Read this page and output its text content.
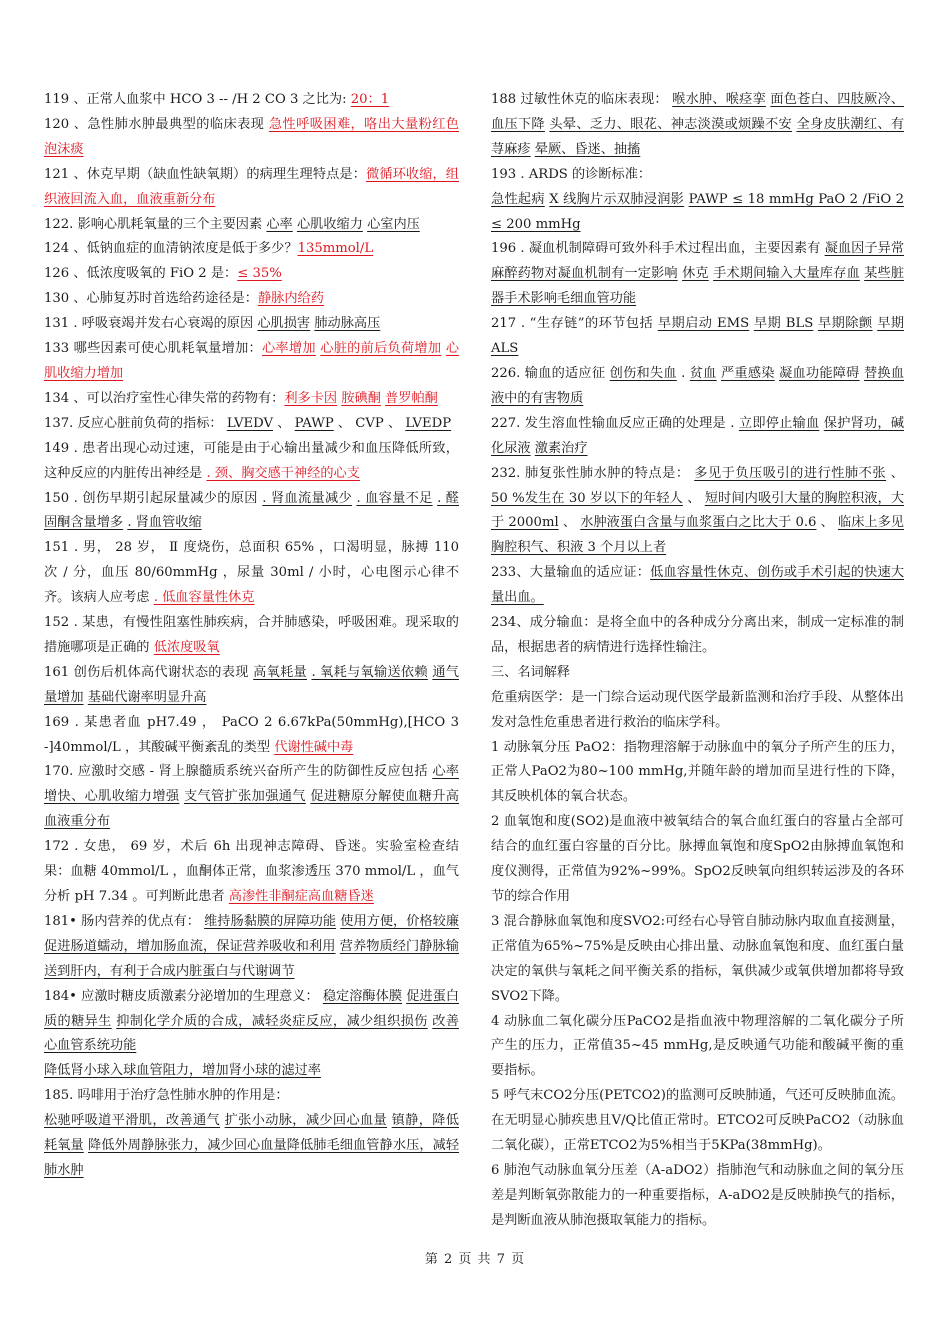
119 、正常人血浆中 HCO 3 -- /H 2 CO 3 之比为: 20：1

120 、急性肺水肿最典型的临床表现 急性呼吸困难，咯出大量粉红色泡沫痰

121 、休克早期（缺血性缺氧期）的病理生理特点是：微循环收缩，组织液回流入血，血液重新分布

122. 影响心肌耗氧量的三个主要因素 心率 心肌收缩力 心室内压

124 、低钠血症的血清钠浓度是低于多少？135mmol/L

126 、低浓度吸氧的 FiO 2 是：≤ 35%

130 、心肺复苏时首选给药途径是：静脉内给药

131 . 呼吸衰竭并发右心衰竭的原因 心肌损害 肺动脉高压

133 哪些因素可使心肌耗氧量增加：心率增加 心脏的前后负荷增加 心肌收缩力增加

134 、可以治疗室性心律失常的药物有：利多卡因 胺碘酮 普罗帕酮

137. 反应心脏前负荷的指标： LVEDV 、 PAWP 、 CVP 、 LVEDP

149 . 患者出现心动过速，可能是由于心输出量减少和血压降低所致，这种反应的内脏传出神经是 . 颈、胸交感干神经的心支

150 . 创伤早期引起尿量减少的原因 . 肾血流量减少 . 血容量不足 . 醛固酮含量增多 . 肾血管收缩

151 . 男， 28 岁， Ⅱ 度烧伤，总面积 65% ，口渴明显，脉搏 110 次 / 分，血压 80/60mmHg ，尿量 30ml / 小时，心电图示心律不齐。该病人应考虑 . 低血容量性休克

152 . 某患，有慢性阻塞性肺疾病，合并肺感染，呼吸困难。现采取的措施哪项是正确的 低浓度吸氧

161 创伤后机体高代谢状态的表现 高氧耗量 . 氧耗与氧输送依赖 通气量增加 基础代谢率明显升高

169 . 某患者血 pH7.49 ， PaCO 2 6.67kPa(50mmHg),[HCO 3 -]40mmol/L ，其酸碱平衡紊乱的类型 代谢性碱中毒

170. 应激时交感 - 肾上腺髓质系统兴奋所产生的防御性反应包括 心率增快、心肌收缩力增强 支气管扩张加强通气 促进糖原分解使血糖升高 血液重分布

172 . 女患， 69 岁，术后 6h 出现神志障碍、昏迷。实验室检查结果：血糖 40mmol/L ，血酮体正常，血浆渗透压 370 mmol/L ，血气分析 pH 7.34 。可判断此患者 高渗性非酮症高血糖昏迷

181• 肠内营养的优点有： 维持肠黏膜的屏障功能 使用方便，价格较廉 促进肠道蠕动，增加肠血流，保证营养吸收和利用 营养物质经门静脉输送到肝内，有利于合成内脏蛋白与代谢调节

184• 应激时糖皮质激素分泌增加的生理意义： 稳定溶酶体膜 促进蛋白质的糖异生 抑制化学介质的合成，减轻炎症反应，减少组织损伤 改善心血管系统功能

降低肾小球入球血管阻力，增加肾小球的滤过率

185. 吗啡用于治疗急性肺水肿的作用是：

松驰呼吸道平滑肌，改善通气 扩张小动脉，减少回心血量 镇静，降低耗氧量 降低外周静脉张力，减少回心血量降低肺毛细血管静水压，减轻肺水肿

188 过敏性休克的临床表现： 喉水肿、喉痉挛 面色苍白、四肢厥冷、血压下降 头晕、乏力、眼花、神志淡漠或烦躁不安 全身皮肤潮红、有荨麻疹 晕厥、昏迷、抽搐

193 . ARDS 的诊断标准：

急性起病 X 线胸片示双肺浸润影 PAWP ≤ 18 mmHg PaO 2 /FiO 2 ≤ 200 mmHg

196 . 凝血机制障碍可致外科手术过程出血，主要因素有 凝血因子异常 麻醉药物对凝血机制有一定影响 休克 手术期间输入大量库存血 某些脏器手术影响毛细血管功能

217 . “生存链”的环节包括 早期启动 EMS 早期 BLS 早期除颤 早期 ALS

226. 输血的适应征 创伤和失血 . 贫血 严重感染 凝血功能障碍 替换血液中的有害物质

227. 发生溶血性输血反应正确的处理是 . 立即停止输血 保护肾功，碱化尿液 激素治疗

232. 肺复张性肺水肿的特点是： 多见于负压吸引的进行性肺不张 、 50 %发生在 30 岁以下的年轻人 、 短时间内吸引大量的胸腔积液，大于 2000ml 、 水肿液蛋白含量与血浆蛋白之比大于 0.6 、 临床上多见胸腔积气、积液 3 个月以上者

233、大量输血的适应证：低血容量性休克、创伤或手术引起的快速大量出血。

234、成分输血：是将全血中的各种成分分离出来，制成一定标准的制品，根据患者的病情进行选择性输注。

三、名词解释

危重病医学：是一门综合运动现代医学最新监测和治疗手段、从整体出发对急性危重患者进行救治的临床学科。

1 动脉氧分压 PaO2：指物理溶解于动脉血中的氧分子所产生的压力，正常人PaO2为80~100 mmHg,并随年龄的增加而呈进行性的下降，其反映机体的氧合状态。

2 血氧饱和度(SO2)是血液中被氧结合的氧合血红蛋白的容量占全部可结合的血红蛋白容量的百分比。脉搏血氧饱和度SpO2由脉搏血氧饱和度仪测得，正常值为92%~99%。SpO2反映氧向组织转运涉及的各环节的综合作用

3 混合静脉血氧饱和度SVO2:可经右心导管自肺动脉内取血直接测量，正常值为65%~75%是反映由心排出量、动脉血氧饱和度、血红蛋白量决定的氧供与氧耗之间平衡关系的指标，氧供减少或氧供增加都将导致SVO2下降。

4 动脉血二氧化碳分压PaCO2是指血液中物理溶解的二氧化碳分子所产生的压力，正常值35~45 mmHg,是反映通气功能和酸碱平衡的重要指标。

5 呼气末CO2分压(PETCO2)的监测可反映肺通，气还可反映肺血流。在无明显心肺疾患且V/Q比值正常时。ETCO2可反映PaCO2（动脉血二氧化碳），正常ETCO2为5%相当于5KPa(38mmHg)。

6 肺泡气动脉血氧分压差（A-aDO2）指肺泡气和动脉血之间的氧分压差是判断氧弥散能力的一种重要指标，A-aDO2是反映肺换气的指标，是判断血液从肺泡摄取氧能力的指标。

第 2 页 共 7 页
